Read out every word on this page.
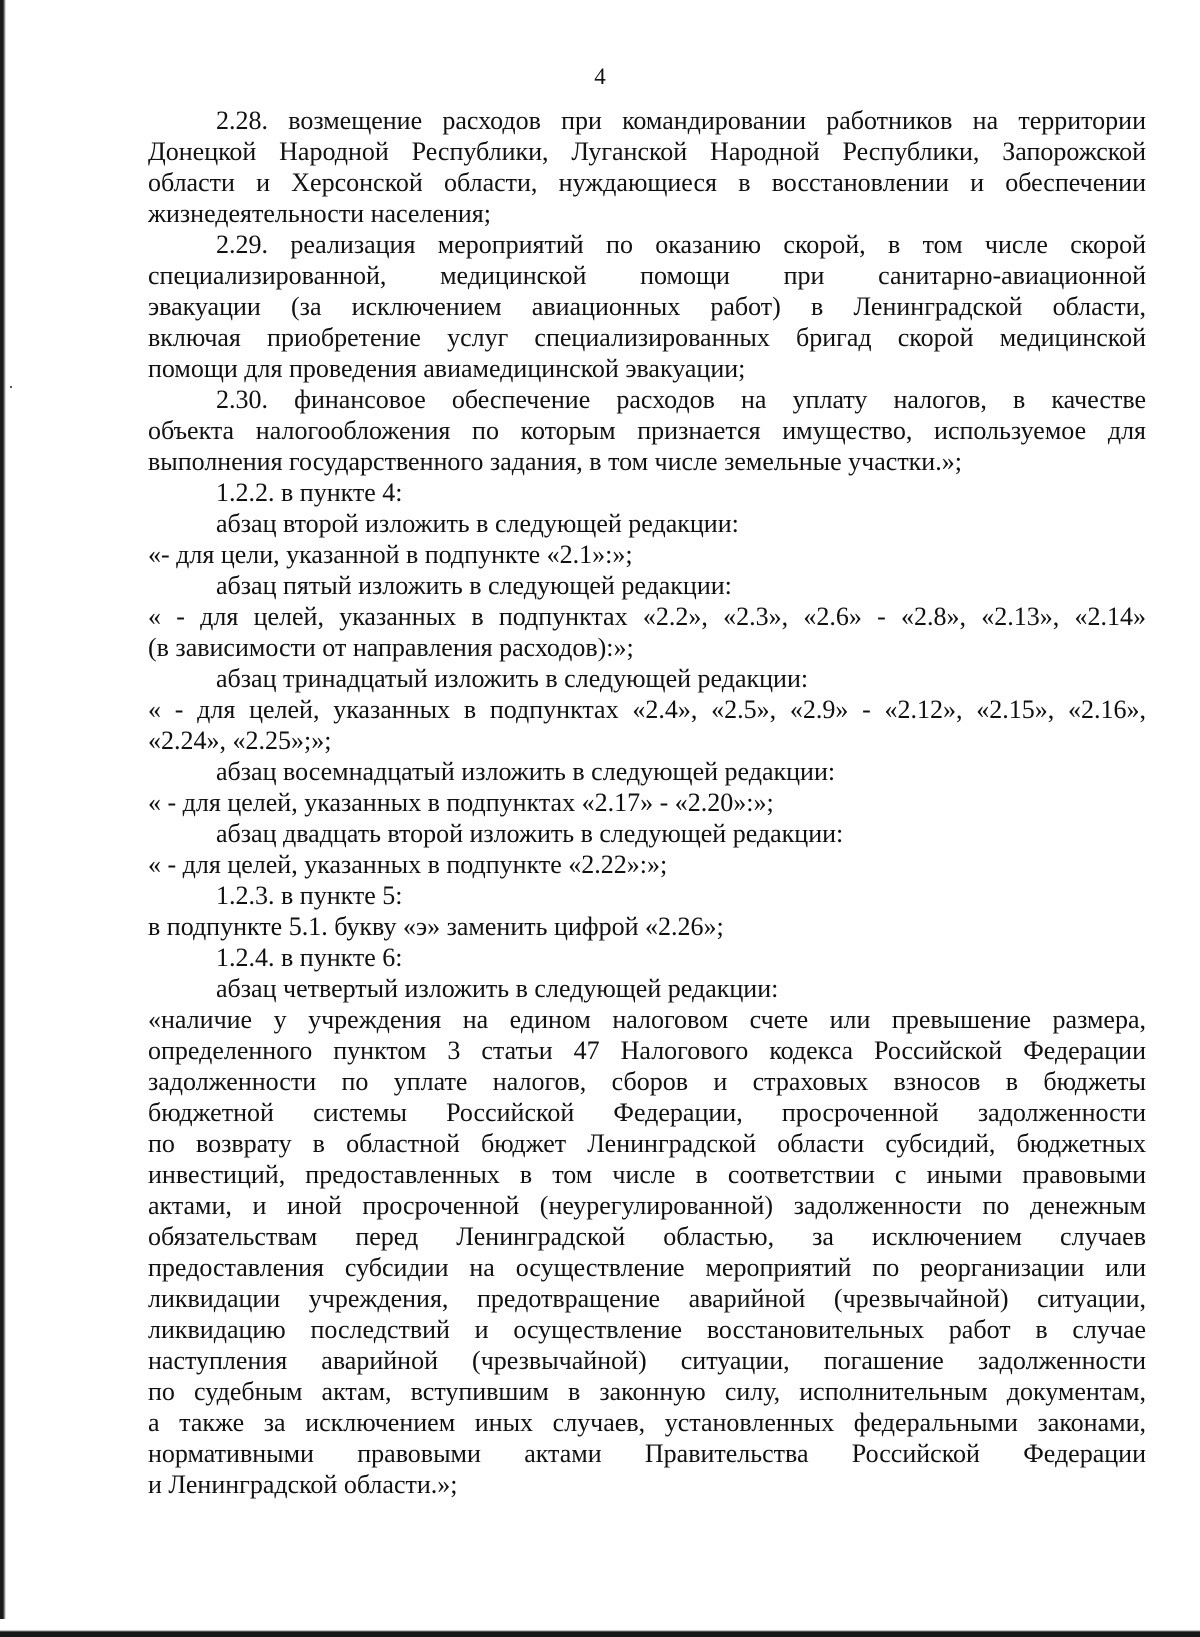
4
2.28. возмещение расходов при командировании работников на территории
Донецкой Народной Республики, Луганской Народной Республики, Запорожской
области и Херсонской области, нуждающиеся в восстановлении и обеспечении
жизнедеятельности населения;
2.29. реализация мероприятий по оказанию скорой, в том числе скорой
специализированной, медицинской помощи при санитарно-авиационной
эвакуации (за исключением авиационных работ) в Ленинградской области,
включая приобретение услуг специализированных бригад скорой медицинской
помощи для проведения авиамедицинской эвакуации;
2.30. финансовое обеспечение расходов на уплату налогов, в качестве
объекта налогообложения по которым признается имущество, используемое для
выполнения государственного задания, в том числе земельные участки.»;
1.2.2. в пункте 4:
абзац второй изложить в следующей редакции:
«- для цели, указанной в подпункте «2.1»:»;
абзац пятый изложить в следующей редакции:
« - для целей, указанных в подпунктах «2.2», «2.3», «2.6» - «2.8», «2.13», «2.14»
(в зависимости от направления расходов):»;
абзац тринадцатый изложить в следующей редакции:
« - для целей, указанных в подпунктах «2.4», «2.5», «2.9» - «2.12», «2.15», «2.16»,
«2.24», «2.25»;»;
абзац восемнадцатый изложить в следующей редакции:
« - для целей, указанных в подпунктах «2.17» - «2.20»:»;
абзац двадцать второй изложить в следующей редакции:
« - для целей, указанных в подпункте «2.22»:»;
1.2.3. в пункте 5:
в подпункте 5.1. букву «э» заменить цифрой «2.26»;
1.2.4. в пункте 6:
абзац четвертый изложить в следующей редакции:
«наличие у учреждения на едином налоговом счете или превышение размера,
определенного пунктом 3 статьи 47 Налогового кодекса Российской Федерации
задолженности по уплате налогов, сборов и страховых взносов в бюджеты
бюджетной системы Российской Федерации, просроченной задолженности
по возврату в областной бюджет Ленинградской области субсидий, бюджетных
инвестиций, предоставленных в том числе в соответствии с иными правовыми
актами, и иной просроченной (неурегулированной) задолженности по денежным
обязательствам перед Ленинградской областью, за исключением случаев
предоставления субсидии на осуществление мероприятий по реорганизации или
ликвидации учреждения, предотвращение аварийной (чрезвычайной) ситуации,
ликвидацию последствий и осуществление восстановительных работ в случае
наступления аварийной (чрезвычайной) ситуации, погашение задолженности
по судебным актам, вступившим в законную силу, исполнительным документам,
а также за исключением иных случаев, установленных федеральными законами,
нормативными правовыми актами Правительства Российской Федерации
и Ленинградской области.»;
